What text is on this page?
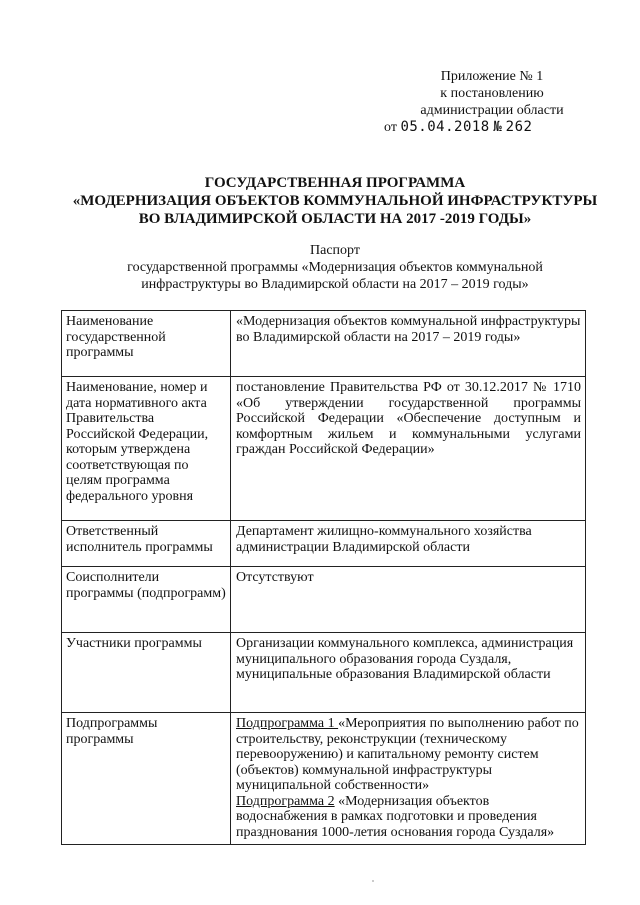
Приложение № 1
к постановлению
администрации области
от 05.04.2018 № 262
ГОСУДАРСТВЕННАЯ ПРОГРАММА
«МОДЕРНИЗАЦИЯ ОБЪЕКТОВ КОММУНАЛЬНОЙ ИНФРАСТРУКТУРЫ
ВО ВЛАДИМИРСКОЙ ОБЛАСТИ НА 2017 -2019 ГОДЫ»
Паспорт
государственной программы «Модернизация объектов коммунальной
инфраструктуры во Владимирской области на 2017 – 2019 годы»
Наименование государственной программы	«Модернизация объектов коммунальной инфраструктуры во Владимирской области на 2017 – 2019 годы»
Наименование, номер и дата нормативного акта Правительства Российской Федерации, которым утверждена соответствующая по целям программа федерального уровня	постановление Правительства РФ от 30.12.2017 № 1710 «Об утверждении государственной программы Российской Федерации «Обеспечение доступным и комфортным жильем и коммунальными услугами граждан Российской Федерации»
Ответственный исполнитель программы	Департамент жилищно-коммунального хозяйства администрации Владимирской области
Соисполнители программы (подпрограмм)	Отсутствуют
Участники программы	Организации коммунального комплекса, администрация муниципального образования города Суздаля, муниципальные образования Владимирской области
Подпрограммы программы	Подпрограмма 1 «Мероприятия по выполнению работ по строительству, реконструкции (техническому перевооружению) и капитальному ремонту систем (объектов) коммунальной инфраструктуры муниципальной собственности»
Подпрограмма 2 «Модернизация объектов водоснабжения в рамках подготовки и проведения празднования 1000-летия основания города Суздаля»
